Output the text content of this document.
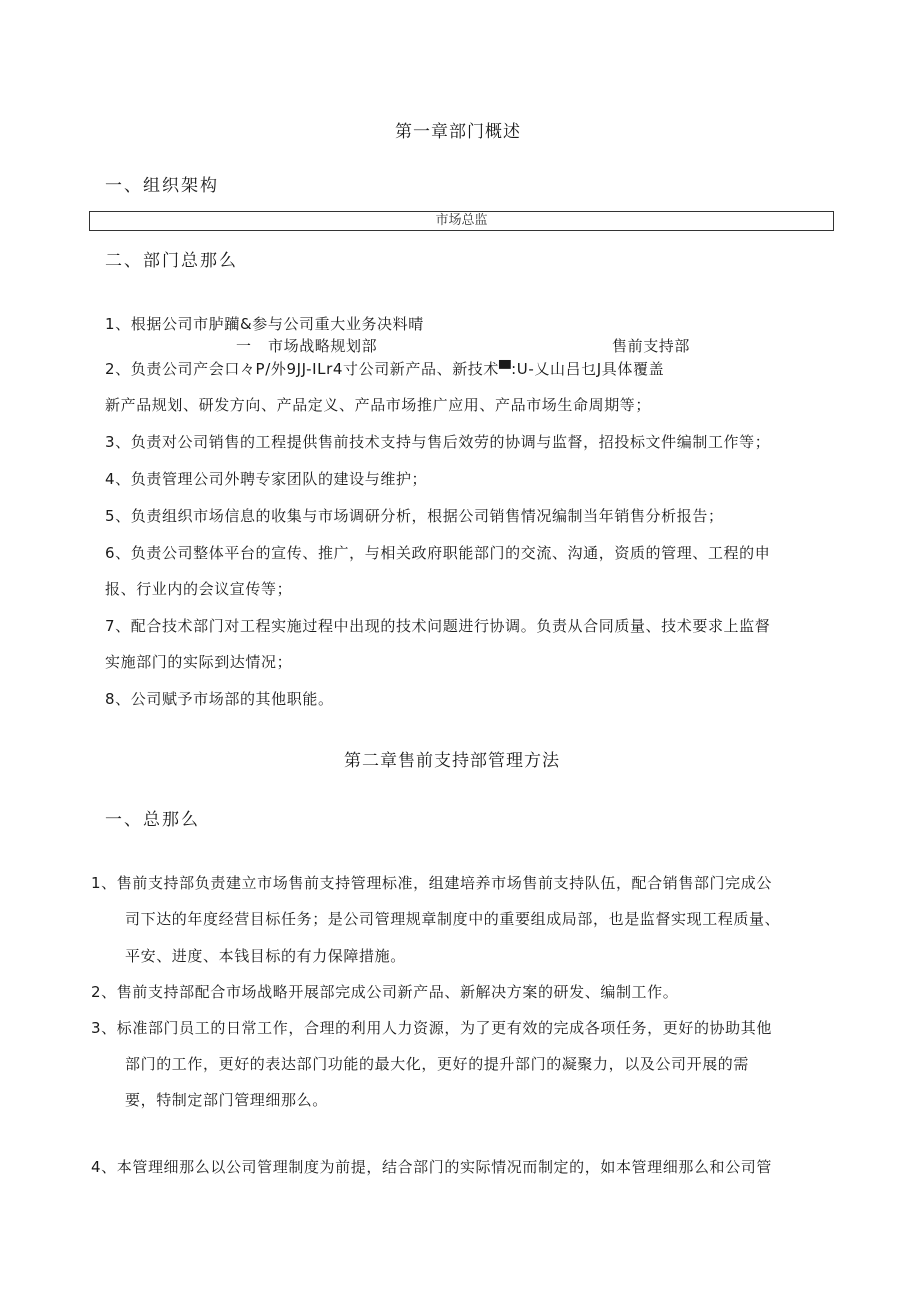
第一章部门概述
一、组织架构
市场总监
二、部门总那么
1、根据公司市胪躏&参与公司重大业务决料晴
一 市场战略规划部	售前支持部
2、负责公司产会口々P/外9JJ-ILr4寸公司新产品、新技术▀:U-乂山吕乜J具体覆盖
新产品规划、研发方向、产品定义、产品市场推广应用、产品市场生命周期等；
3、负责对公司销售的工程提供售前技术支持与售后效劳的协调与监督，招投标文件编制工作等；
4、负责管理公司外聘专家团队的建设与维护；
5、负责组织市场信息的收集与市场调研分析，根据公司销售情况编制当年销售分析报告；
6、负责公司整体平台的宣传、推广，与相关政府职能部门的交流、沟通，资质的管理、工程的申
报、行业内的会议宣传等；
7、配合技术部门对工程实施过程中出现的技术问题进行协调。负责从合同质量、技术要求上监督
实施部门的实际到达情况；
8、公司赋予市场部的其他职能。
第二章售前支持部管理方法
一、总那么
1、售前支持部负责建立市场售前支持管理标准，组建培养市场售前支持队伍，配合销售部门完成公
司下达的年度经营目标任务；是公司管理规章制度中的重要组成局部，也是监督实现工程质量、
平安、进度、本钱目标的有力保障措施。
2、售前支持部配合市场战略开展部完成公司新产品、新解决方案的研发、编制工作。
3、标准部门员工的日常工作，合理的利用人力资源，为了更有效的完成各项任务，更好的协助其他
部门的工作，更好的表达部门功能的最大化，更好的提升部门的凝聚力，以及公司开展的需
要，特制定部门管理细那么。
4、本管理细那么以公司管理制度为前提，结合部门的实际情况而制定的，如本管理细那么和公司管
